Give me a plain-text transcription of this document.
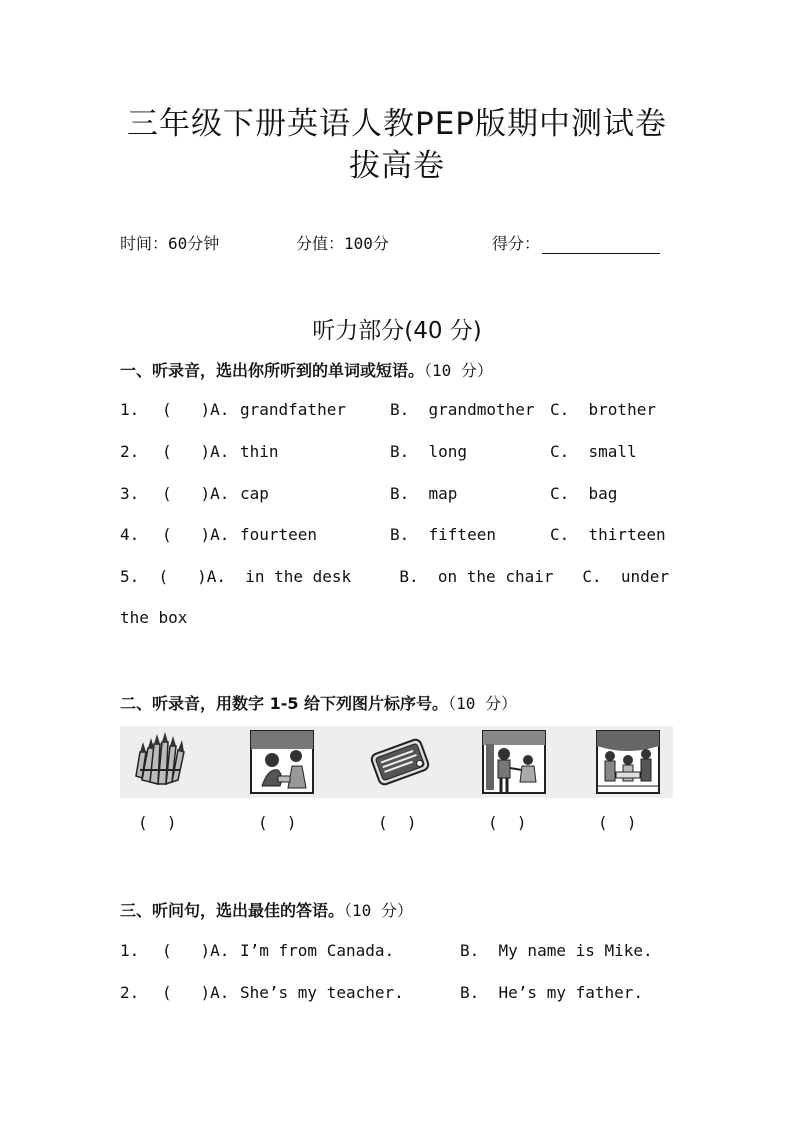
三年级下册英语人教PEP版期中测试卷
拔高卷
时间：60分钟	分值：100分	得分：
听力部分(40 分)
一、听录音，选出你所听到的单词或短语。（10 分）
1. (   )A. grandfather	B.  grandmother C.  brother
2. (   )A. thin	B.  long	C.  small
3. (   )A. cap	B.  map	C.  bag
4. (   )A. fourteen	B.  fifteen	C.  thirteen
5.  (   )A.  in the desk     B.  on the chair   C.  under
the box
二、听录音，用数字 1-5 给下列图片标序号。（10 分）
(  )	(  )	(  )	(  )	(  )
三、听问句，选出最佳的答语。（10 分）
1. (   )A. I’m from Canada.	B.  My name is Mike.
2. (   )A. She’s my teacher.	B.  He’s my father.
